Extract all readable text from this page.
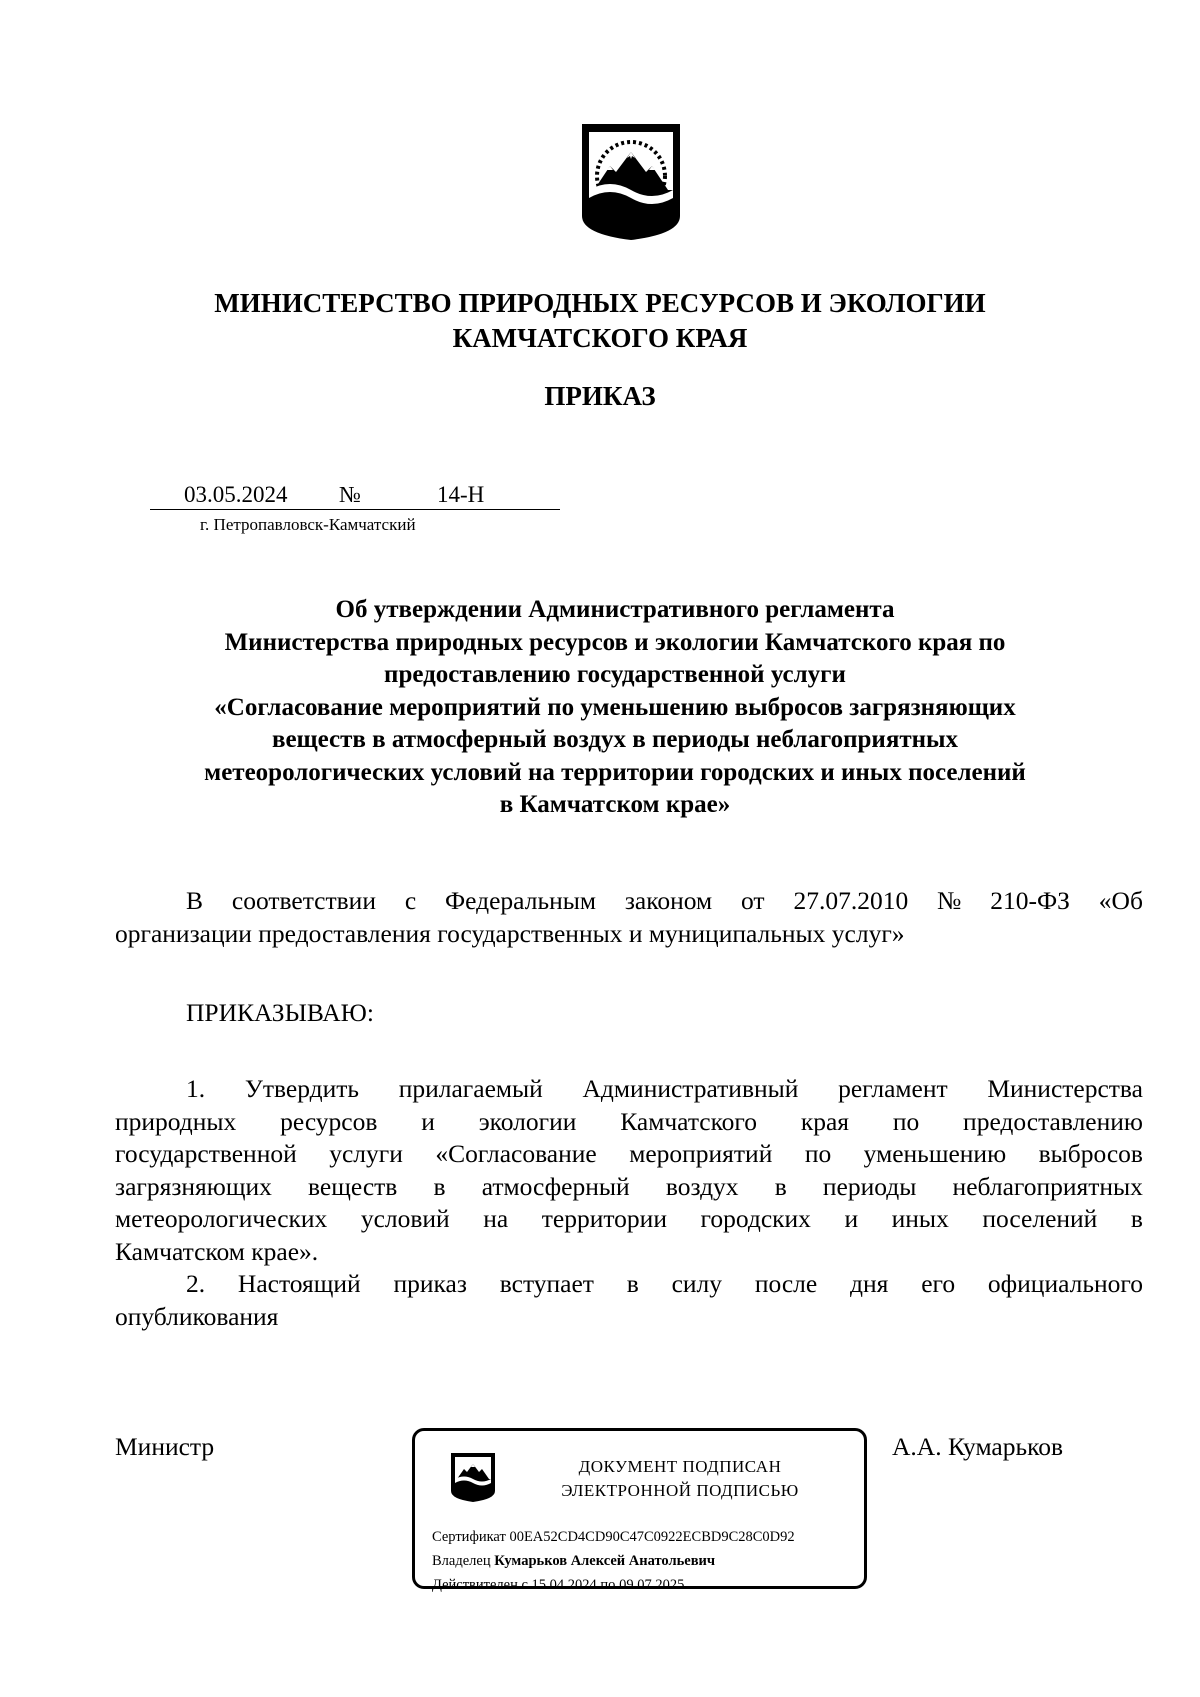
МИНИСТЕРСТВО ПРИРОДНЫХ РЕСУРСОВ И ЭКОЛОГИИ
КАМЧАТСКОГО КРАЯ
ПРИКАЗ
03.05.2024 №	14-Н
г. Петропавловск-Камчатский
Об утверждении Административного регламента
Министерства природных ресурсов и экологии Камчатского края по
предоставлению государственной услуги
«Согласование мероприятий по уменьшению выбросов загрязняющих
веществ в атмосферный воздух в периоды неблагоприятных
метеорологических условий на территории городских и иных поселений
в Камчатском крае»
В соответствии с Федеральным законом от 27.07.2010 № 210-ФЗ «Об
организации предоставления государственных и муниципальных услуг»
ПРИКАЗЫВАЮ:
1. Утвердить прилагаемый Административный регламент Министерства
природных ресурсов и экологии Камчатского края по предоставлению
государственной услуги «Согласование мероприятий по уменьшению выбросов
загрязняющих веществ в атмосферный воздух в периоды неблагоприятных
метеорологических условий на территории городских и иных поселений в
Камчатском крае».
2. Настоящий приказ вступает в силу после дня его официального
опубликования
Министр	А.А. Кумарьков
ДОКУМЕНТ ПОДПИСАН
ЭЛЕКТРОННОЙ ПОДПИСЬЮ
Сертификат 00EA52CD4CD90C47C0922ECBD9C28C0D92
Владелец Кумарьков Алексей Анатольевич
Действителен с 15.04.2024 по 09.07.2025
